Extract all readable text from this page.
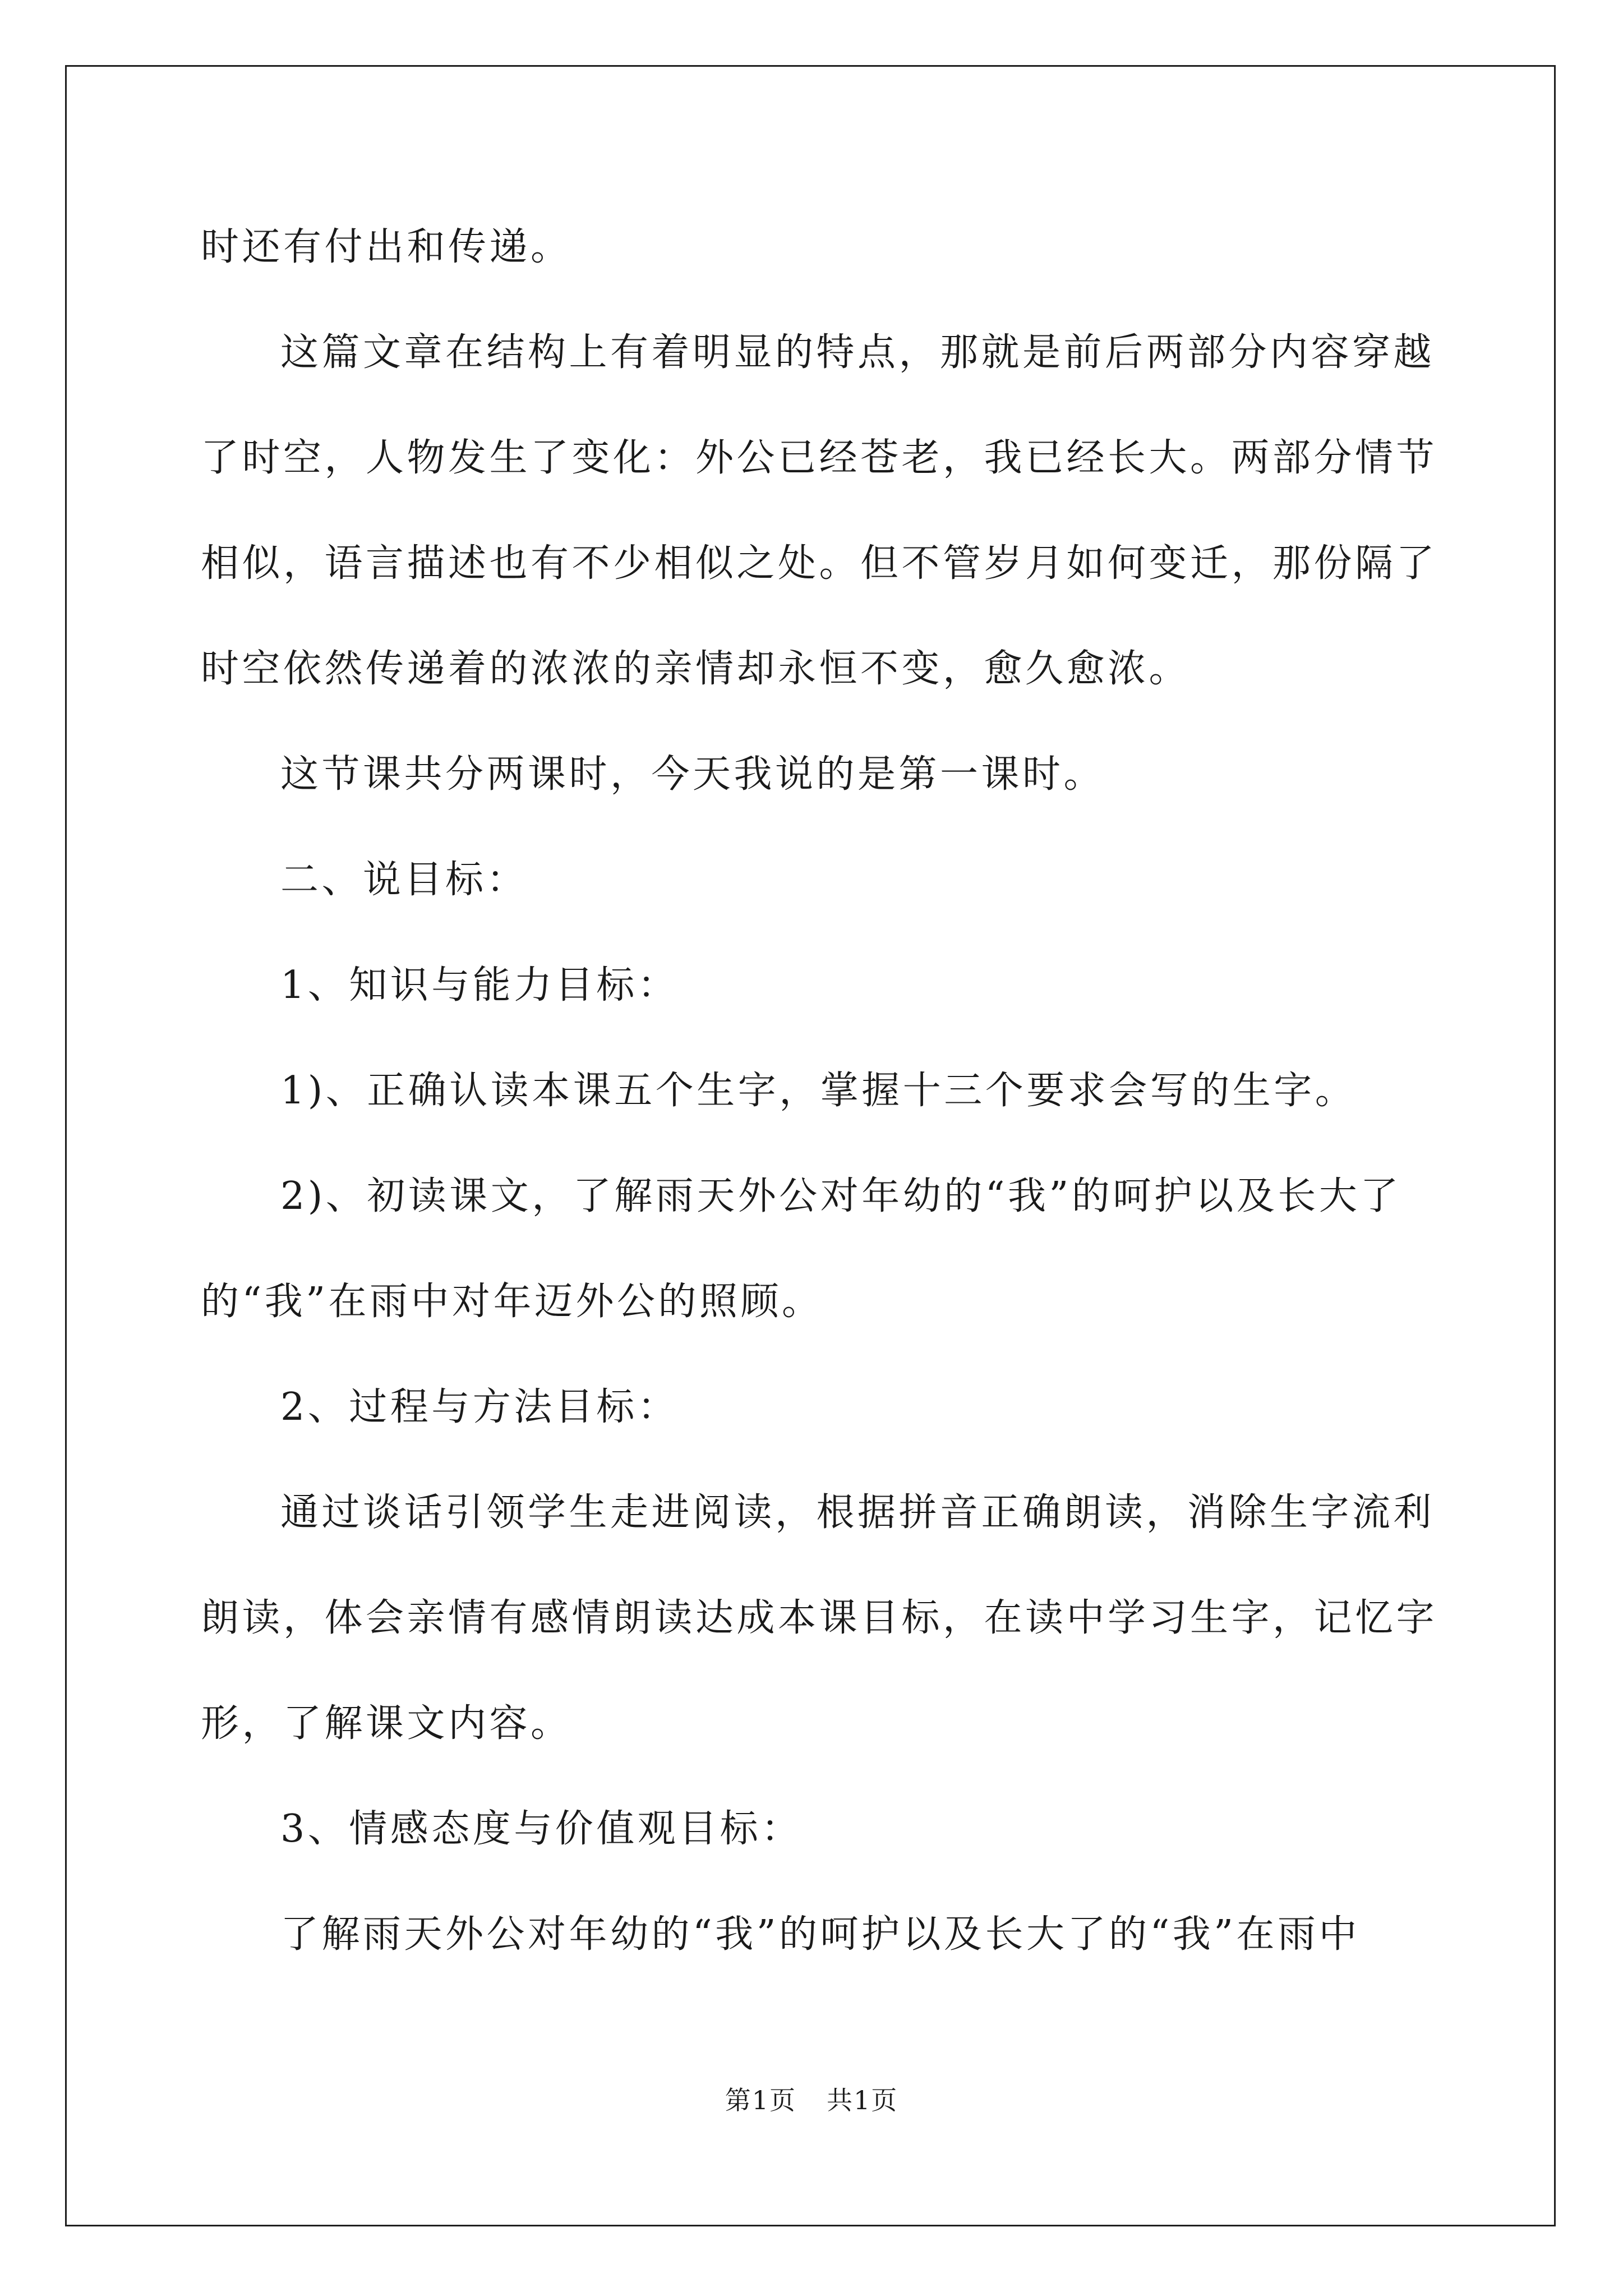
时还有付出和传递。
这篇文章在结构上有着明显的特点，那就是前后两部分内容穿越
了时空，人物发生了变化：外公已经苍老，我已经长大。两部分情节
相似，语言描述也有不少相似之处。但不管岁月如何变迁，那份隔了
时空依然传递着的浓浓的亲情却永恒不变，愈久愈浓。
这节课共分两课时，今天我说的是第一课时。
二、说目标：
1、知识与能力目标：
1)、正确认读本课五个生字，掌握十三个要求会写的生字。
2)、初读课文，了解雨天外公对年幼的“我”的呵护以及长大了
的“我”在雨中对年迈外公的照顾。
2、过程与方法目标：
通过谈话引领学生走进阅读，根据拼音正确朗读，消除生字流利
朗读，体会亲情有感情朗读达成本课目标，在读中学习生字，记忆字
形，了解课文内容。
3、情感态度与价值观目标：
了解雨天外公对年幼的“我”的呵护以及长大了的“我”在雨中
第1页 共1页
